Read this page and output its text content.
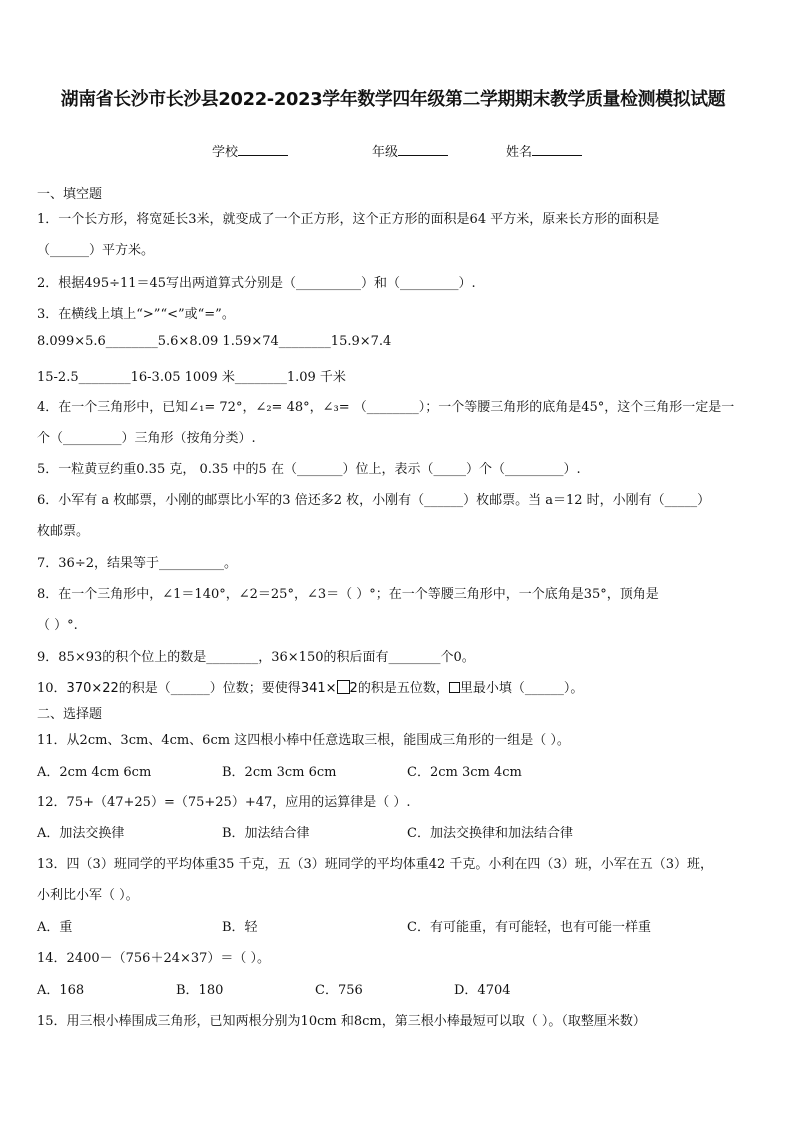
湖南省长沙市长沙县2022-2023学年数学四年级第二学期期末教学质量检测模拟试题
学校	年级	姓名
一、填空题
1．一个长方形，将宽延长3米，就变成了一个正方形，这个正方形的面积是64 平方米，原来长方形的面积是
（______）平方米。
2．根据495÷11＝45写出两道算式分别是（__________）和（_________）.
3．在横线上填上“>”“<”或“=”。
8.099×5.6________5.6×8.09 1.59×74________15.9×7.4
15-2.5________16-3.05 1009 米________1.09 千米
4．在一个三角形中，已知∠₁= 72°，∠₂= 48°，∠₃= （________）；一个等腰三角形的底角是45°，这个三角形一定是一
个（_________）三角形（按角分类）.
5．一粒黄豆约重0.35 克， 0.35 中的5 在（_______）位上，表示（_____）个（_________）.
6．小军有 a 枚邮票，小刚的邮票比小军的3 倍还多2 枚，小刚有（______）枚邮票。当 a＝12 时，小刚有（_____）
枚邮票。
7．36÷2，结果等于__________。
8．在一个三角形中，∠1＝140°，∠2＝25°，∠3＝（ ）°；在一个等腰三角形中，一个底角是35°，顶角是
（ ）°.
9．85×93的积个位上的数是________，36×150的积后面有________个0。
10．370×22的积是（______）位数；要使得341× 2的积是五位数， 里最小填（______）。
二、选择题
11．从2cm、3cm、4cm、6cm 这四根小棒中任意选取三根，能围成三角形的一组是（ ）。
A．2cm 4cm 6cm	B．2cm 3cm 6cm	C．2cm 3cm 4cm
12．75+（47+25）=（75+25）+47，应用的运算律是（ ）.
A．加法交换律	B．加法结合律	C．加法交换律和加法结合律
13．四（3）班同学的平均体重35 千克，五（3）班同学的平均体重42 千克。小利在四（3）班，小军在五（3）班，
小利比小军（ ）。
A．重	B．轻	C．有可能重，有可能轻，也有可能一样重
14．2400－（756＋24×37）＝（ ）。
A．168	B．180	C．756	D．4704
15．用三根小棒围成三角形，已知两根分别为10cm 和8cm，第三根小棒最短可以取（ ）。（取整厘米数）
